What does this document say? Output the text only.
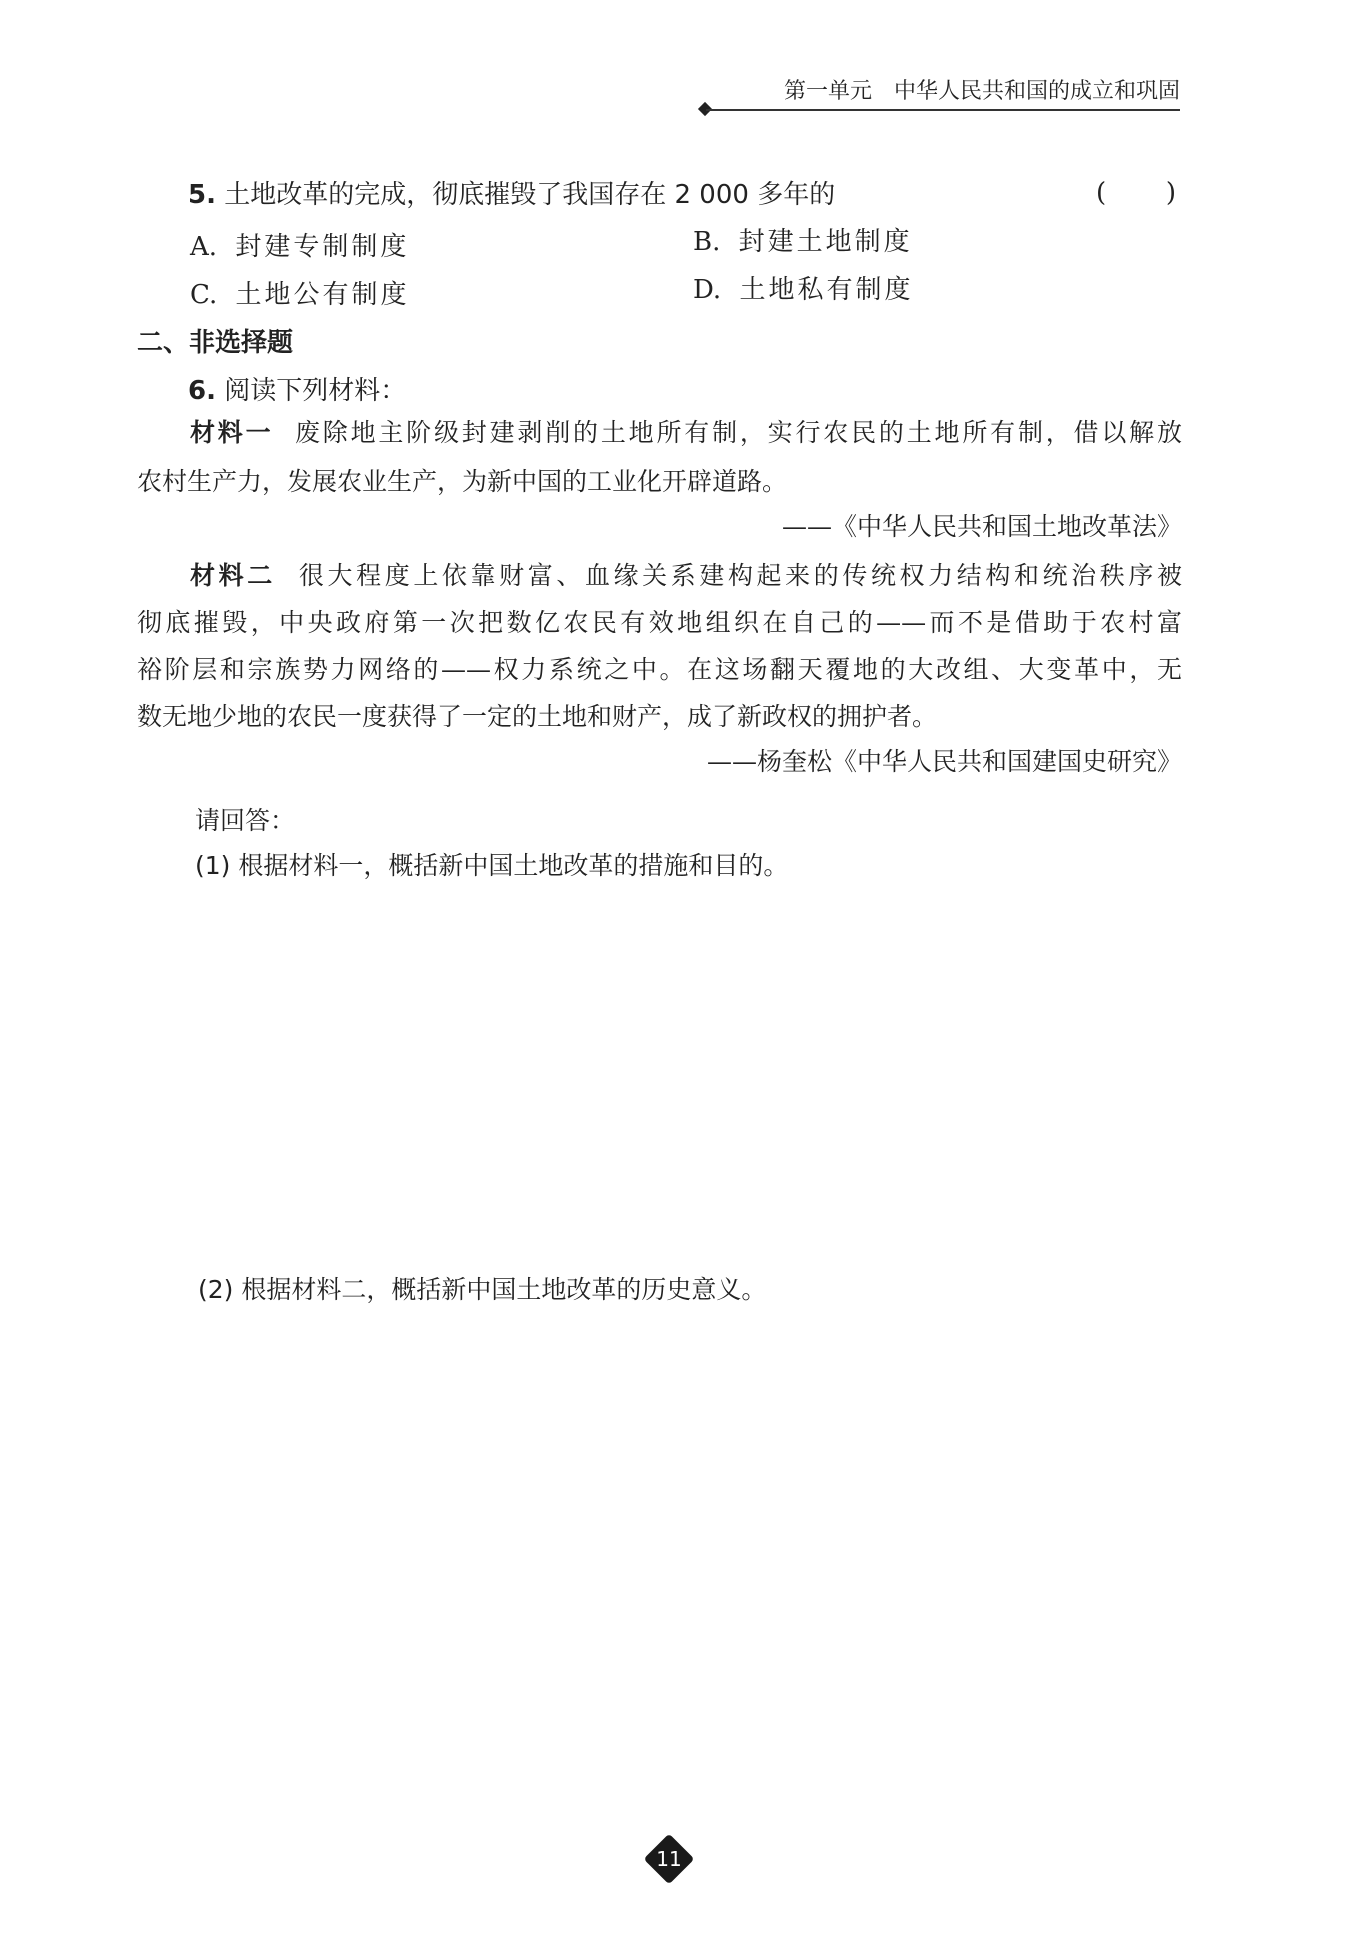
第一单元　中华人民共和国的成立和巩固
5. 土地改革的完成，彻底摧毁了我国存在 2 000 多年的	( )
A. 封建专制制度	B. 封建土地制度
C. 土地公有制度	D. 土地私有制度
二、非选择题
6. 阅读下列材料：
材料一 废除地主阶级封建剥削的土地所有制，实行农民的土地所有制，借以解放
农村生产力，发展农业生产，为新中国的工业化开辟道路。
——《中华人民共和国土地改革法》
材料二 很大程度上依靠财富、血缘关系建构起来的传统权力结构和统治秩序被
彻底摧毁，中央政府第一次把数亿农民有效地组织在自己的——而不是借助于农村富
裕阶层和宗族势力网络的——权力系统之中。在这场翻天覆地的大改组、大变革中，无
数无地少地的农民一度获得了一定的土地和财产，成了新政权的拥护者。
——杨奎松《中华人民共和国建国史研究》
请回答：
(1) 根据材料一，概括新中国土地改革的措施和目的。
(2) 根据材料二，概括新中国土地改革的历史意义。
11
